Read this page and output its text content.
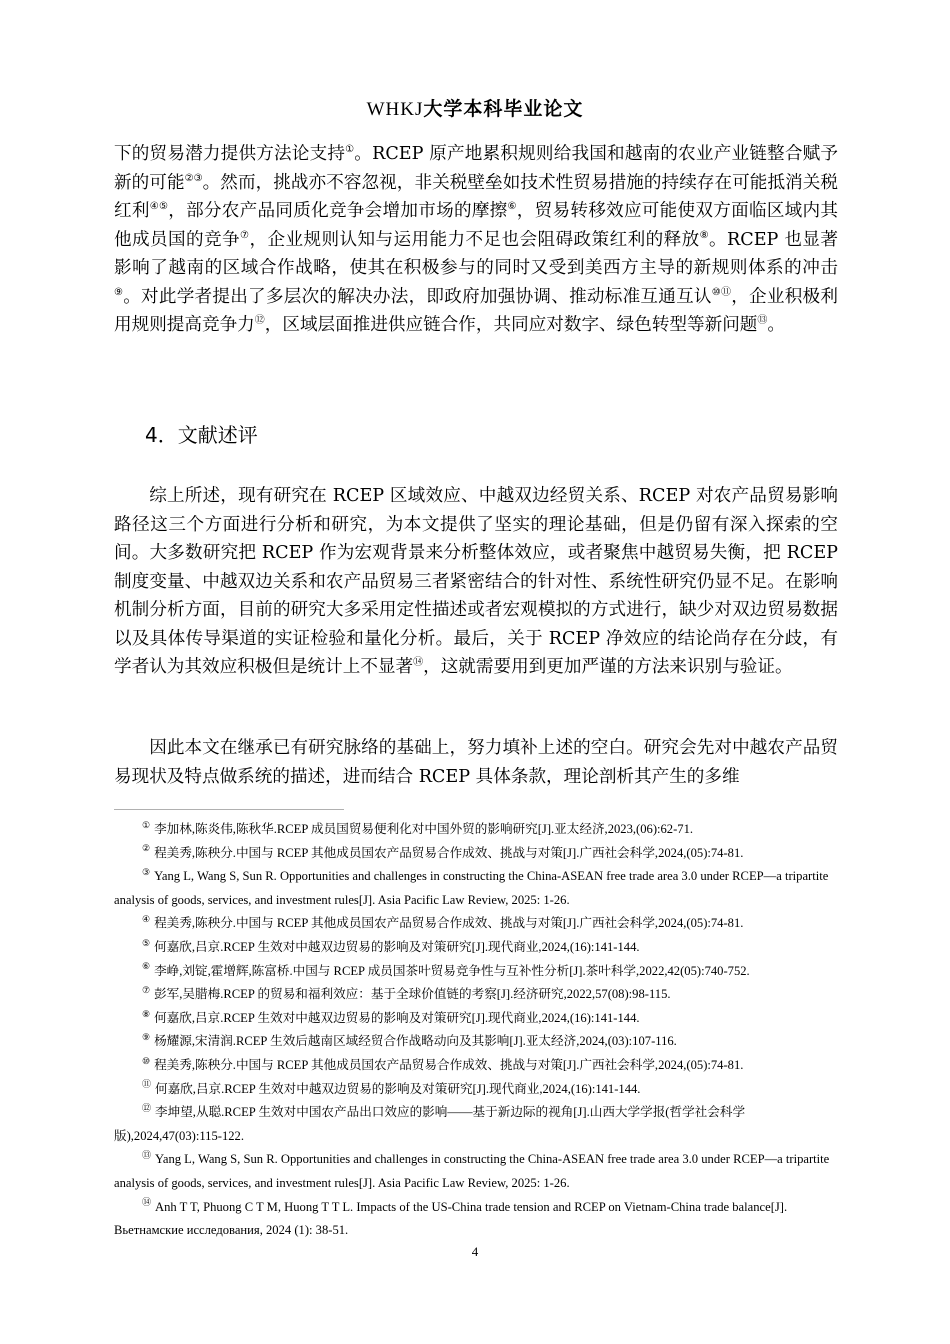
WHKJ大学本科毕业论文
下的贸易潜力提供方法论支持①。RCEP 原产地累积规则给我国和越南的农业产业链整合赋予新的可能②③。然而，挑战亦不容忽视，非关税壁垒如技术性贸易措施的持续存在可能抵消关税红利④⑤，部分农产品同质化竞争会增加市场的摩擦⑥，贸易转移效应可能使双方面临区域内其他成员国的竞争⑦，企业规则认知与运用能力不足也会阻碍政策红利的释放⑧。RCEP 也显著影响了越南的区域合作战略，使其在积极参与的同时又受到美西方主导的新规则体系的冲击⑨。对此学者提出了多层次的解决办法，即政府加强协调、推动标准互通互认⑩⑪，企业积极利用规则提高竞争力⑫，区域层面推进供应链合作，共同应对数字、绿色转型等新问题⑬。
4．文献述评
综上所述，现有研究在 RCEP 区域效应、中越双边经贸关系、RCEP 对农产品贸易影响路径这三个方面进行分析和研究，为本文提供了坚实的理论基础，但是仍留有深入探索的空间。大多数研究把 RCEP 作为宏观背景来分析整体效应，或者聚焦中越贸易失衡，把 RCEP 制度变量、中越双边关系和农产品贸易三者紧密结合的针对性、系统性研究仍显不足。在影响机制分析方面，目前的研究大多采用定性描述或者宏观模拟的方式进行，缺少对双边贸易数据以及具体传导渠道的实证检验和量化分析。最后，关于 RCEP 净效应的结论尚存在分歧，有学者认为其效应积极但是统计上不显著⑭，这就需要用到更加严谨的方法来识别与验证。
因此本文在继承已有研究脉络的基础上，努力填补上述的空白。研究会先对中越农产品贸易现状及特点做系统的描述，进而结合 RCEP 具体条款，理论剖析其产生的多维
① 李加林,陈炎伟,陈秋华.RCEP 成员国贸易便利化对中国外贸的影响研究[J].亚太经济,2023,(06):62-71.
② 程美秀,陈秧分.中国与 RCEP 其他成员国农产品贸易合作成效、挑战与对策[J].广西社会科学,2024,(05):74-81.
③ Yang L, Wang S, Sun R. Opportunities and challenges in constructing the China-ASEAN free trade area 3.0 under RCEP—a tripartite analysis of goods, services, and investment rules[J]. Asia Pacific Law Review, 2025: 1-26.
④ 程美秀,陈秧分.中国与 RCEP 其他成员国农产品贸易合作成效、挑战与对策[J].广西社会科学,2024,(05):74-81.
⑤ 何嘉欣,吕京.RCEP 生效对中越双边贸易的影响及对策研究[J].现代商业,2024,(16):141-144.
⑥ 李峥,刘锭,霍增辉,陈富桥.中国与 RCEP 成员国茶叶贸易竞争性与互补性分析[J].茶叶科学,2022,42(05):740-752.
⑦ 彭军,吴腊梅.RCEP 的贸易和福利效应：基于全球价值链的考察[J].经济研究,2022,57(08):98-115.
⑧ 何嘉欣,吕京.RCEP 生效对中越双边贸易的影响及对策研究[J].现代商业,2024,(16):141-144.
⑨ 杨耀源,宋清润.RCEP 生效后越南区域经贸合作战略动向及其影响[J].亚太经济,2024,(03):107-116.
⑩ 程美秀,陈秧分.中国与 RCEP 其他成员国农产品贸易合作成效、挑战与对策[J].广西社会科学,2024,(05):74-81.
⑪ 何嘉欣,吕京.RCEP 生效对中越双边贸易的影响及对策研究[J].现代商业,2024,(16):141-144.
⑫ 李坤望,从聪.RCEP 生效对中国农产品出口效应的影响——基于新边际的视角[J].山西大学学报(哲学社会科学版),2024,47(03):115-122.
⑬ Yang L, Wang S, Sun R. Opportunities and challenges in constructing the China-ASEAN free trade area 3.0 under RCEP—a tripartite analysis of goods, services, and investment rules[J]. Asia Pacific Law Review, 2025: 1-26.
⑭ Anh T T, Phuong C T M, Huong T T L. Impacts of the US-China trade tension and RCEP on Vietnam-China trade balance[J]. Вьетнамские исследования, 2024 (1): 38-51.
4
